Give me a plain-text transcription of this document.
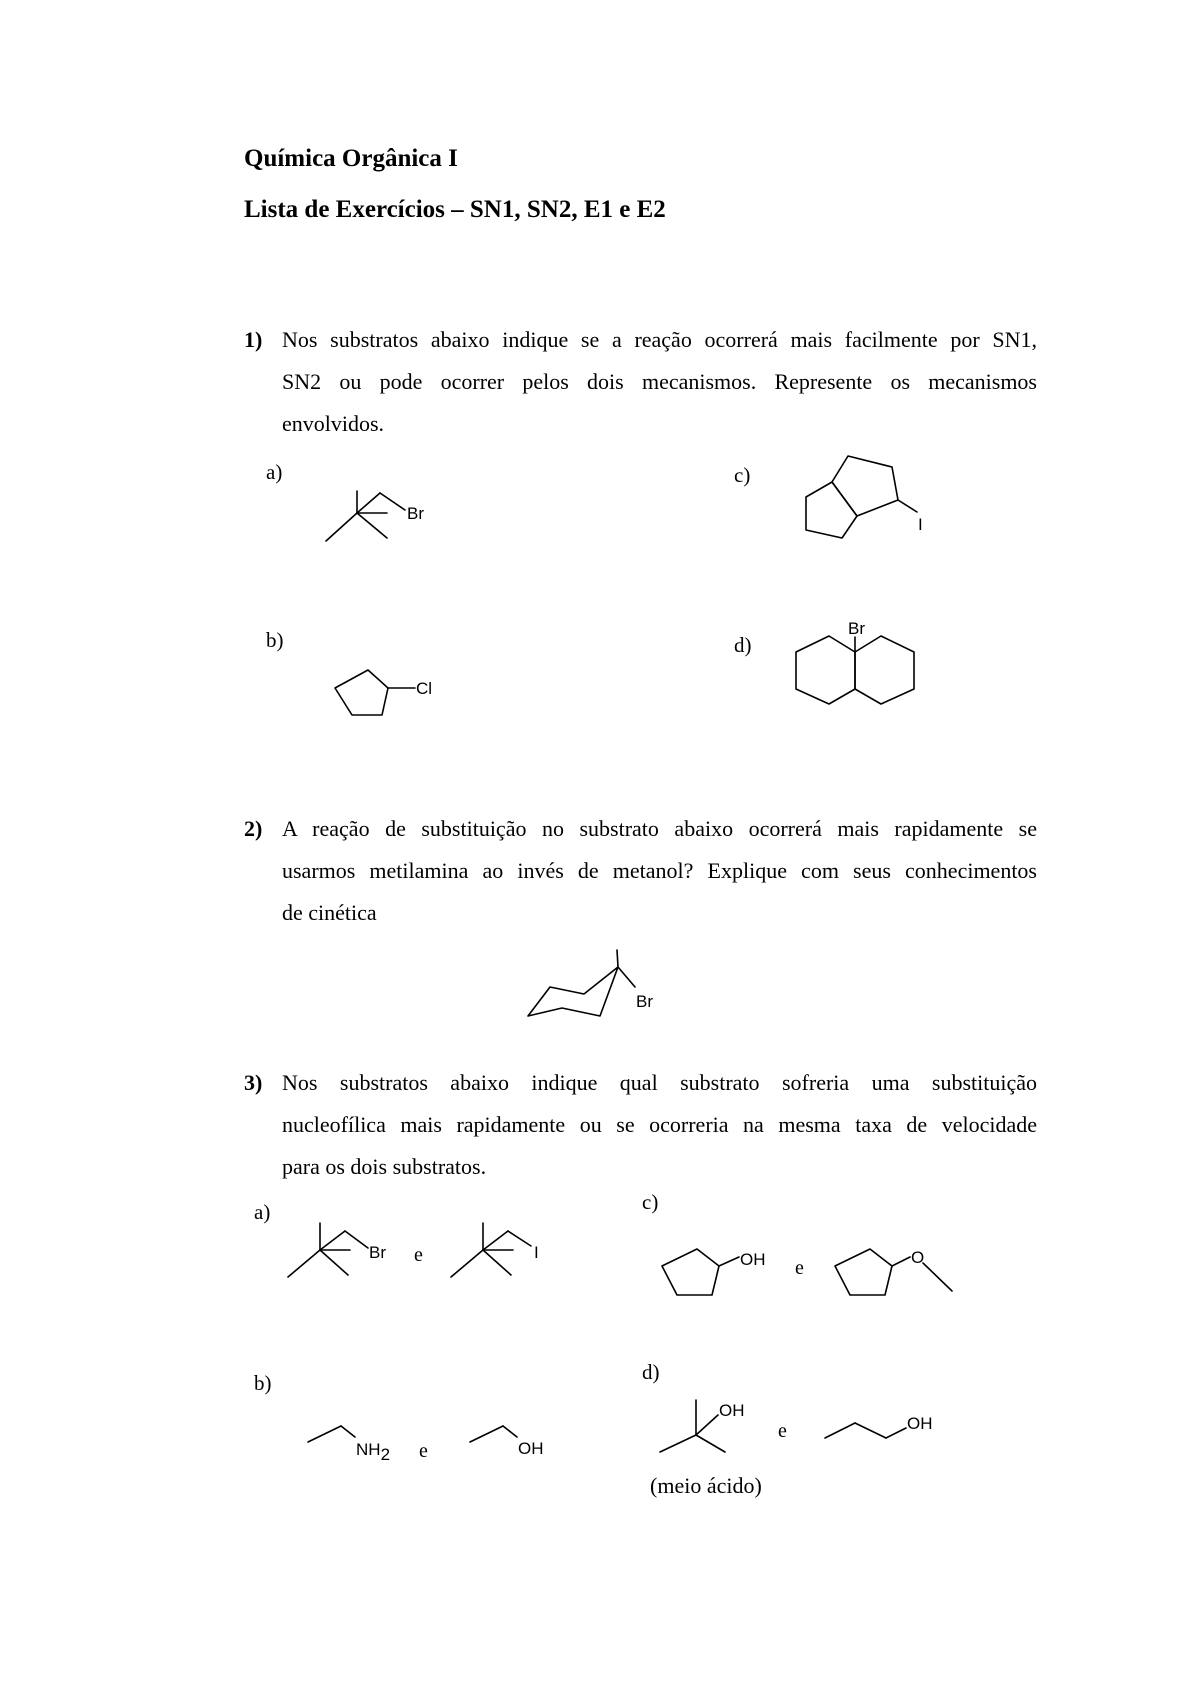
Química Orgânica I
Lista de Exercícios – SN1, SN2, E1 e E2
1) Nos substratos abaixo indique se a reação ocorrerá mais facilmente por SN1,
SN2 ou pode ocorrer pelos dois mecanismos. Represente os mecanismos
envolvidos.
a)
Br
b)
Cl
c)
I
d)
Br
2) A reação de substituição no substrato abaixo ocorrerá mais rapidamente se
usarmos metilamina ao invés de metanol? Explique com seus conhecimentos
de cinética
Br
3) Nos substratos abaixo indique qual substrato sofreria uma substituição
nucleofílica mais rapidamente ou se ocorreria na mesma taxa de velocidade
para os dois substratos.
a)
Br e	I
b)
NH2 e	OH
c)
OH e	O
d)
OH
e	OH
(meio ácido)
